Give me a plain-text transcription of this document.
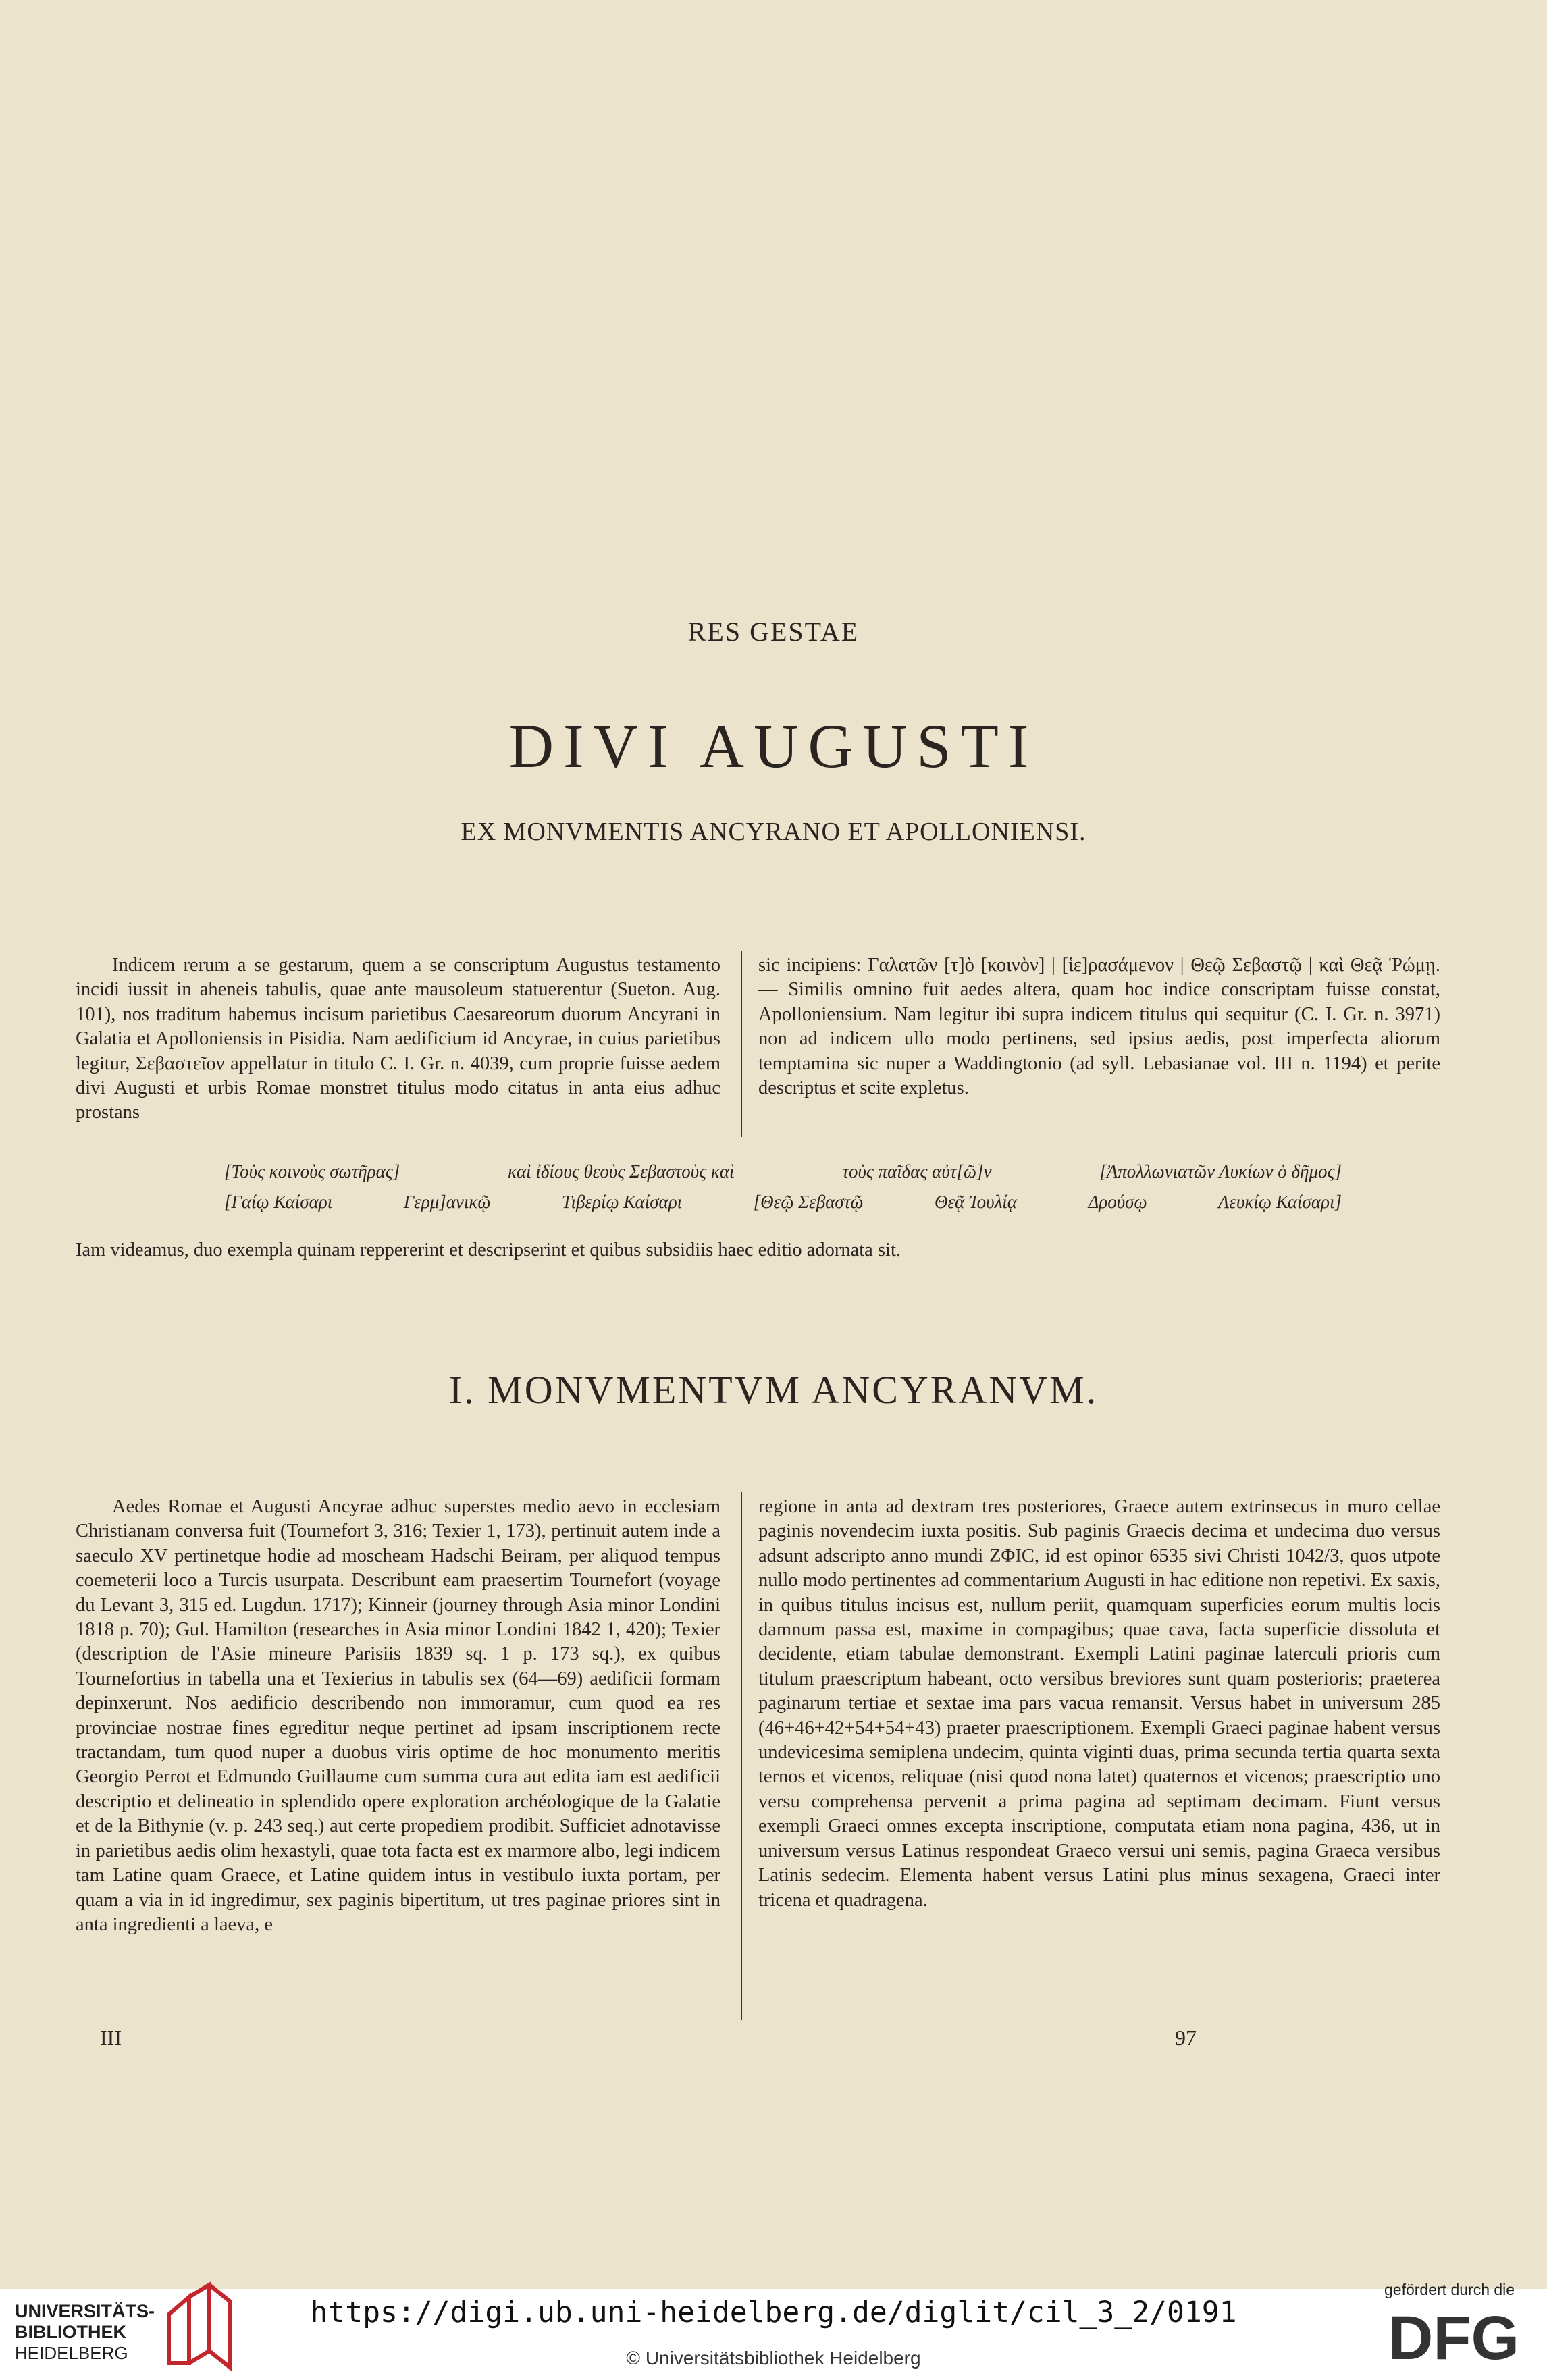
RES GESTAE
DIVI AUGUSTI
EX MONVMENTIS ANCYRANO ET APOLLONIENSI.

Indicem rerum a se gestarum, quem a se conscriptum Augustus testamento incidi iussit in aheneis tabulis, quae ante mausoleum statuerentur (Sueton. Aug. 101), nos traditum habemus incisum parietibus Caesareorum duorum Ancyrani in Galatia et Apolloniensis in Pisidia. Nam aedificium id Ancyrae, in cuius parietibus legitur, Σεβαστεῖον appellatur in titulo C. I. Gr. n. 4039, cum proprie fuisse aedem divi Augusti et urbis Romae monstret titulus modo citatus in anta eius adhuc prostans

sic incipiens: Γαλατῶν [τ]ὸ [κοινὸν] | [ἱε]ρασάμενον | Θεῷ Σεβαστῷ | καὶ Θεᾷ Ῥώμῃ. — Similis omnino fuit aedes altera, quam hoc indice conscriptam fuisse constat, Apolloniensium. Nam legitur ibi supra indicem titulus qui sequitur (C. I. Gr. n. 3971) non ad indicem ullo modo pertinens, sed ipsius aedis, post imperfecta aliorum temptamina sic nuper a Waddingtonio (ad syll. Lebasianae vol. III n. 1194) et perite descriptus et scite expletus.

[Τοὺς κοινοὺς σωτῆρας]	καὶ ἰδίους θεοὺς Σεβαστοὺς καὶ	τοὺς παῖδας αὐτ[ῶ]ν	[Ἀπολλωνιατῶν Λυκίων ὁ δῆμος]
[Γαίῳ Καίσαρι	Γερμ]ανικῷ	Τιβερίῳ Καίσαρι	[Θεῷ Σεβαστῷ	Θεᾷ Ἰουλίᾳ	Δρούσῳ	Λευκίῳ Καίσαρι]
Iam videamus, duo exempla quinam reppererint et descripserint et quibus subsidiis haec editio adornata sit.
I. MONVMENTVM ANCYRANVM.

Aedes Romae et Augusti Ancyrae adhuc superstes medio aevo in ecclesiam Christianam conversa fuit (Tournefort 3, 316; Texier 1, 173), pertinuit autem inde a saeculo XV pertinetque hodie ad moscheam Hadschi Beiram, per aliquod tempus coemeterii loco a Turcis usurpata. Describunt eam praesertim Tournefort (voyage du Levant 3, 315 ed. Lugdun. 1717); Kinneir (journey through Asia minor Londini 1818 p. 70); Gul. Hamilton (researches in Asia minor Londini 1842 1, 420); Texier (description de l'Asie mineure Parisiis 1839 sq. 1 p. 173 sq.), ex quibus Tournefortius in tabella una et Texierius in tabulis sex (64—69) aedificii formam depinxerunt. Nos aedificio describendo non immoramur, cum quod ea res provinciae nostrae fines egreditur neque pertinet ad ipsam inscriptionem recte tractandam, tum quod nuper a duobus viris optime de hoc monumento meritis Georgio Perrot et Edmundo Guillaume cum summa cura aut edita iam est aedificii descriptio et delineatio in splendido opere exploration archéologique de la Galatie et de la Bithynie (v. p. 243 seq.) aut certe propediem prodibit. Sufficiet adnotavisse in parietibus aedis olim hexastyli, quae tota facta est ex marmore albo, legi indicem tam Latine quam Graece, et Latine quidem intus in vestibulo iuxta portam, per quam a via in id ingredimur, sex paginis bipertitum, ut tres paginae priores sint in anta ingredienti a laeva, e

regione in anta ad dextram tres posteriores, Graece autem extrinsecus in muro cellae paginis novendecim iuxta positis. Sub paginis Graecis decima et undecima duo versus adsunt adscripto anno mundi ΖΦΙϹ, id est opinor 6535 sivi Christi 1042/3, quos utpote nullo modo pertinentes ad commentarium Augusti in hac editione non repetivi. Ex saxis, in quibus titulus incisus est, nullum periit, quamquam superficies eorum multis locis damnum passa est, maxime in compagibus; quae cava, facta superficie dissoluta et decidente, etiam tabulae demonstrant. Exempli Latini paginae laterculi prioris cum titulum praescriptum habeant, octo versibus breviores sunt quam posterioris; praeterea paginarum tertiae et sextae ima pars vacua remansit. Versus habet in universum 285 (46+46+42+54+54+43) praeter praescriptionem. Exempli Graeci paginae habent versus undevicesima semiplena undecim, quinta viginti duas, prima secunda tertia quarta sexta ternos et vicenos, reliquae (nisi quod nona latet) quaternos et vicenos; praescriptio uno versu comprehensa pervenit a prima pagina ad septimam decimam. Fiunt versus exempli Graeci omnes excepta inscriptione, computata etiam nona pagina, 436, ut in universum versus Latinus respondeat Graeco versui uni semis, pagina Graeca versibus Latinis sedecim. Elementa habent versus Latini plus minus sexagena, Graeci inter tricena et quadragena.

III	97
UNIVERSITÄTS-
BIBLIOTHEK
HEIDELBERG
https://digi.ub.uni-heidelberg.de/diglit/cil_3_2/0191
© Universitätsbibliothek Heidelberg
gefördert durch die
DFG
